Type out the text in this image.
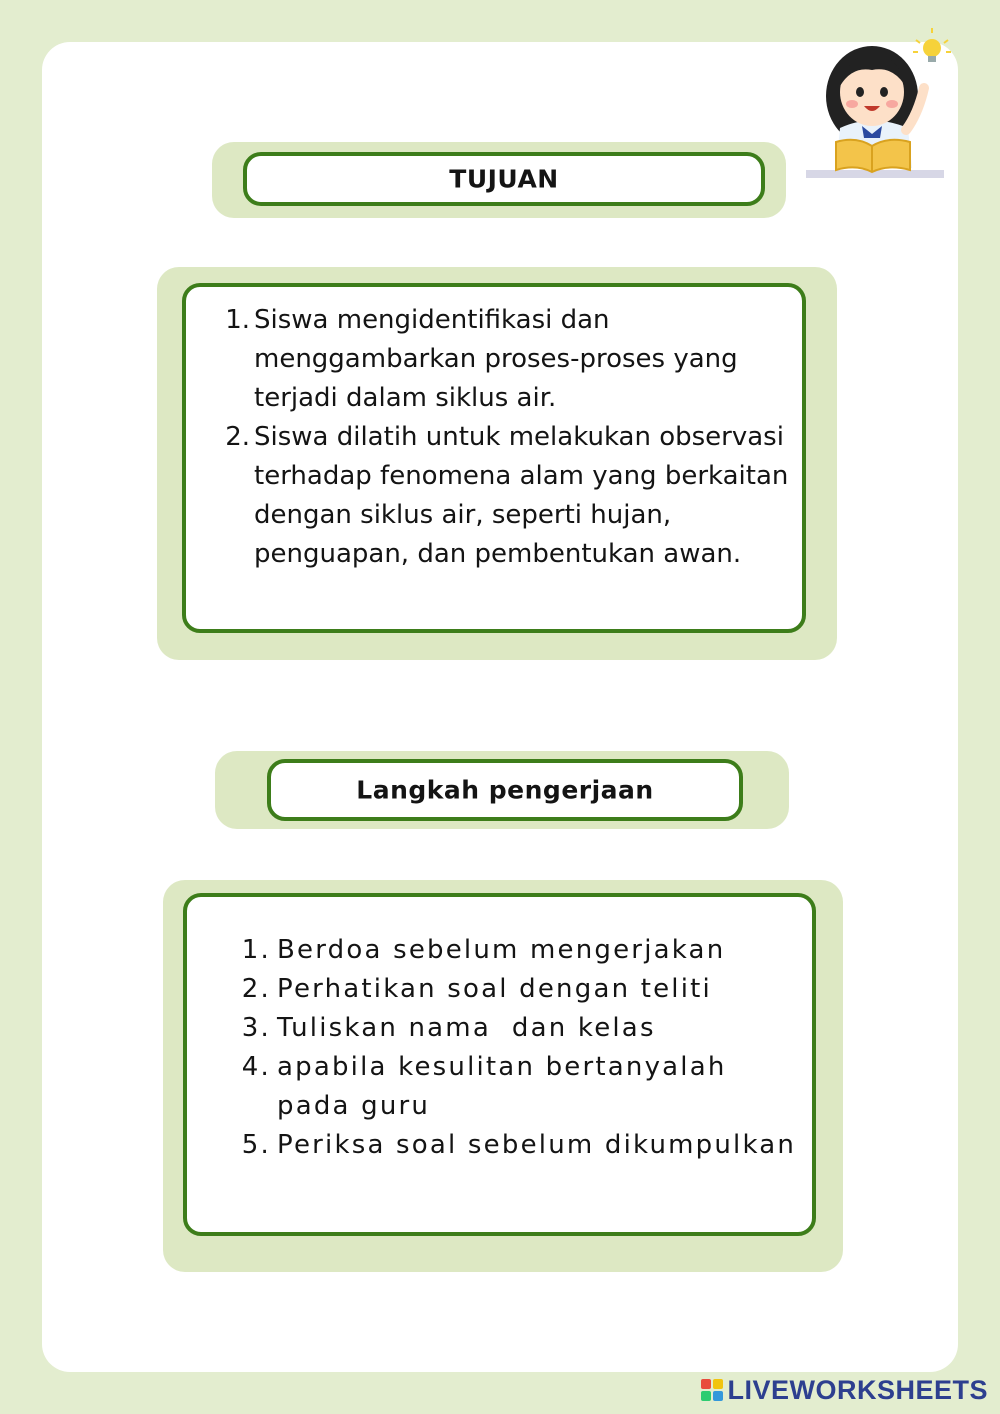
TUJUAN
1. Siswa mengidentifikasi dan menggambarkan proses-proses yang terjadi dalam siklus air.
2. Siswa dilatih untuk melakukan observasi terhadap fenomena alam yang berkaitan dengan siklus air, seperti hujan, penguapan, dan pembentukan awan.
Langkah pengerjaan
1. Berdoa sebelum mengerjakan
2. Perhatikan soal dengan teliti
3. Tuliskan nama  dan kelas
4. apabila kesulitan bertanyalah pada guru
5. Periksa soal sebelum dikumpulkan
LIVEWORKSHEETS
